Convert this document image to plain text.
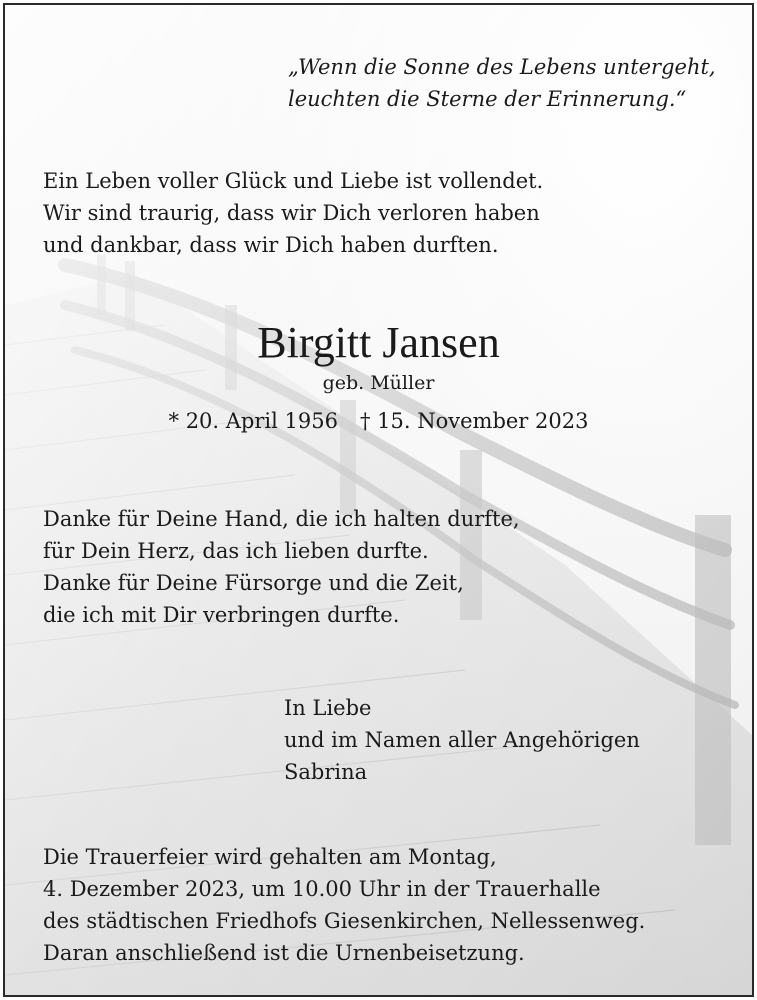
„Wenn die Sonne des Lebens untergeht,
leuchten die Sterne der Erinnerung.“
Ein Leben voller Glück und Liebe ist vollendet.
Wir sind traurig, dass wir Dich verloren haben
und dankbar, dass wir Dich haben durften.
Birgitt Jansen
geb. Müller
* 20. April 1956 † 15. November 2023
Danke für Deine Hand, die ich halten durfte,
für Dein Herz, das ich lieben durfte.
Danke für Deine Fürsorge und die Zeit,
die ich mit Dir verbringen durfte.
In Liebe
und im Namen aller Angehörigen
Sabrina
Die Trauerfeier wird gehalten am Montag,
4. Dezember 2023, um 10.00 Uhr in der Trauerhalle
des städtischen Friedhofs Giesenkirchen, Nellessenweg.
Daran anschließend ist die Urnenbeisetzung.
